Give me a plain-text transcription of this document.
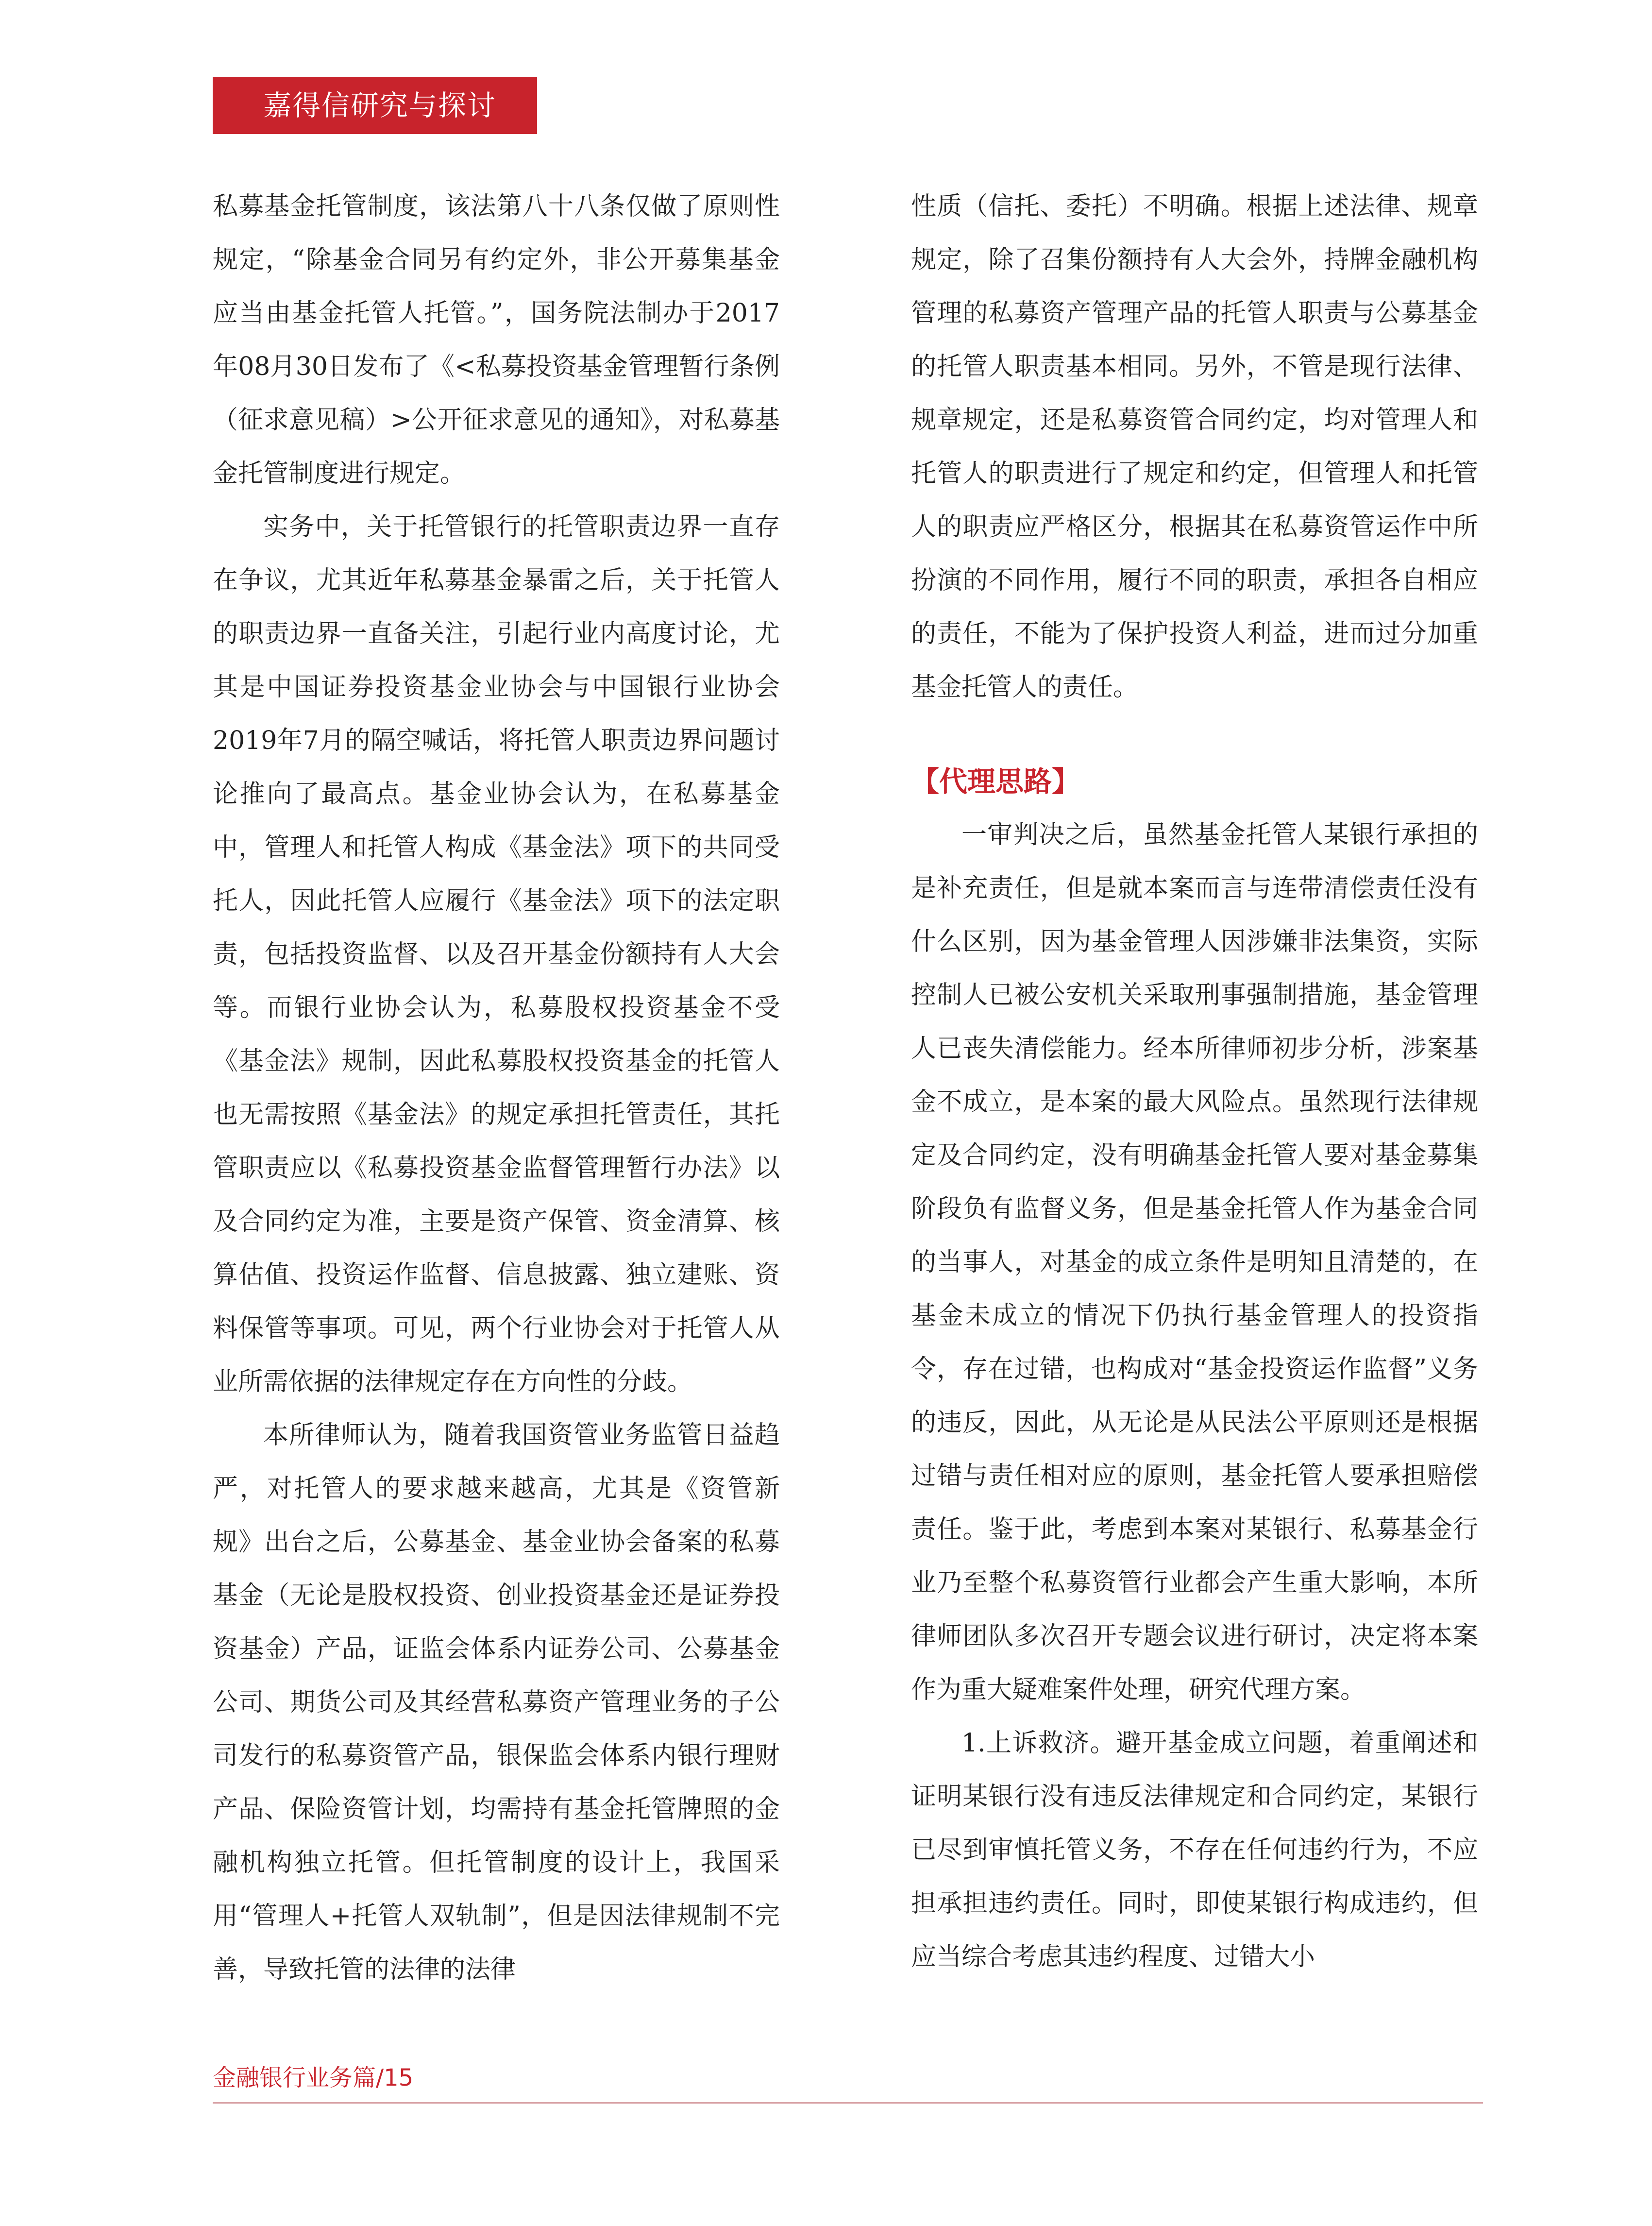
嘉得信研究与探讨

私募基金托管制度，该法第八十八条仅做了原则性规定，“除基金合同另有约定外，非公开募集基金应当由基金托管人托管。”，国务院法制办于2017年08月30日发布了《<私募投资基金管理暂行条例（征求意见稿）>公开征求意见的通知》，对私募基金托管制度进行规定。

实务中，关于托管银行的托管职责边界一直存在争议，尤其近年私募基金暴雷之后，关于托管人的职责边界一直备关注，引起行业内高度讨论，尤其是中国证券投资基金业协会与中国银行业协会2019年7月的隔空喊话，将托管人职责边界问题讨论推向了最高点。基金业协会认为，在私募基金中，管理人和托管人构成《基金法》项下的共同受托人，因此托管人应履行《基金法》项下的法定职责，包括投资监督、以及召开基金份额持有人大会等。而银行业协会认为，私募股权投资基金不受《基金法》规制，因此私募股权投资基金的托管人也无需按照《基金法》的规定承担托管责任，其托管职责应以《私募投资基金监督管理暂行办法》以及合同约定为准，主要是资产保管、资金清算、核算估值、投资运作监督、信息披露、独立建账、资料保管等事项。可见，两个行业协会对于托管人从业所需依据的法律规定存在方向性的分歧。

本所律师认为，随着我国资管业务监管日益趋严，对托管人的要求越来越高，尤其是《资管新规》出台之后，公募基金、基金业协会备案的私募基金（无论是股权投资、创业投资基金还是证券投资基金）产品，证监会体系内证券公司、公募基金公司、期货公司及其经营私募资产管理业务的子公司发行的私募资管产品，银保监会体系内银行理财产品、保险资管计划，均需持有基金托管牌照的金融机构独立托管。但托管制度的设计上，我国采用“管理人+托管人双轨制”，但是因法律规制不完善，导致托管的法律的法律

性质（信托、委托）不明确。根据上述法律、规章规定，除了召集份额持有人大会外，持牌金融机构管理的私募资产管理产品的托管人职责与公募基金的托管人职责基本相同。另外，不管是现行法律、规章规定，还是私募资管合同约定，均对管理人和托管人的职责进行了规定和约定，但管理人和托管人的职责应严格区分，根据其在私募资管运作中所扮演的不同作用，履行不同的职责，承担各自相应的责任，不能为了保护投资人利益，进而过分加重基金托管人的责任。

【代理思路】

一审判决之后，虽然基金托管人某银行承担的是补充责任，但是就本案而言与连带清偿责任没有什么区别，因为基金管理人因涉嫌非法集资，实际控制人已被公安机关采取刑事强制措施，基金管理人已丧失清偿能力。经本所律师初步分析，涉案基金不成立，是本案的最大风险点。虽然现行法律规定及合同约定，没有明确基金托管人要对基金募集阶段负有监督义务，但是基金托管人作为基金合同的当事人，对基金的成立条件是明知且清楚的，在基金未成立的情况下仍执行基金管理人的投资指令，存在过错，也构成对“基金投资运作监督”义务的违反，因此，从无论是从民法公平原则还是根据过错与责任相对应的原则，基金托管人要承担赔偿责任。鉴于此，考虑到本案对某银行、私募基金行业乃至整个私募资管行业都会产生重大影响，本所律师团队多次召开专题会议进行研讨，决定将本案作为重大疑难案件处理，研究代理方案。

1.上诉救济。避开基金成立问题，着重阐述和证明某银行没有违反法律规定和合同约定，某银行已尽到审慎托管义务，不存在任何违约行为，不应担承担违约责任。同时，即使某银行构成违约，但应当综合考虑其违约程度、过错大小

金融银行业务篇/15
